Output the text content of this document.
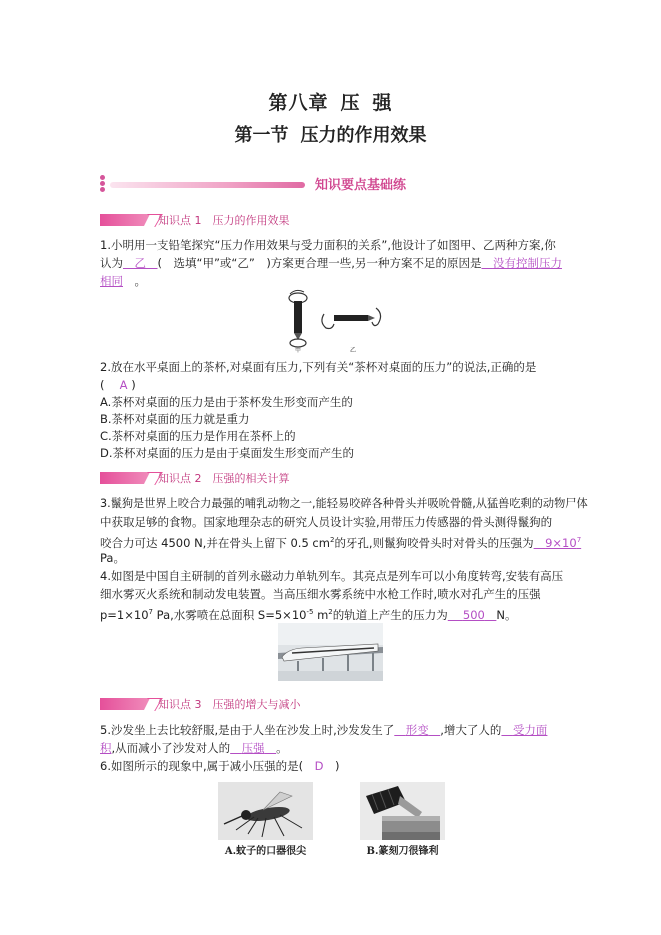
第八章 压 强
第一节 压力的作用效果
知识要点基础练
知识点 1　 压力的作用效果
1.小明用一支铅笔探究“压力作用效果与受力面积的关系”,他设计了如图甲、乙两种方案,你
认为　 乙　 (　选填“甲”或“乙”　)方案更合理一些,另一种方案不足的原因是　 没有控制压力
相同　 。
甲	乙
2.放在水平桌面上的茶杯,对桌面有压力,下列有关“茶杯对桌面的压力”的说法,正确的是
(　 A )
A.茶杯对桌面的压力是由于茶杯发生形变而产生的
B.茶杯对桌面的压力就是重力
C.茶杯对桌面的压力是作用在茶杯上的
D.茶杯对桌面的压力是由于桌面发生形变而产生的
知识点 2　 压强的相关计算
3.鬣狗是世界上咬合力最强的哺乳动物之一,能轻易咬碎各种骨头并吸吮骨髓,从猛兽吃剩的动物尸体
中获取足够的食物。国家地理杂志的研究人员设计实验,用带压力传感器的骨头测得鬣狗的
咬合力可达 4500 N,并在骨头上留下 0.5 $cm^2$的牙孔,则鬣狗咬骨头时对骨头的压强为　 $9\times 10^7$
Pa。
4.如图是中国自主研制的首列永磁动力单轨列车。其亮点是列车可以小角度转弯,安装有高压
细水雾灭火系统和制动发电装置。当高压细水雾系统中水枪工作时,喷水对孔产生的压强
$p=1\times 10^7$ Pa,水雾喷在总面积 $S=5\times 10^{-5}$ $m^2$的轨道上产生的压力为　 500　 N。
知识点 3　 压强的增大与减小
5.沙发坐上去比较舒服,是由于人坐在沙发上时,沙发发生了　 形变　 ,增大了人的　 受力面
积,从而减小了沙发对人的　 压强　 。
6.如图所示的现象中,属于减小压强的是(　 D　 )
A.蚊子的口器很尖	B.篆刻刀很锋利
